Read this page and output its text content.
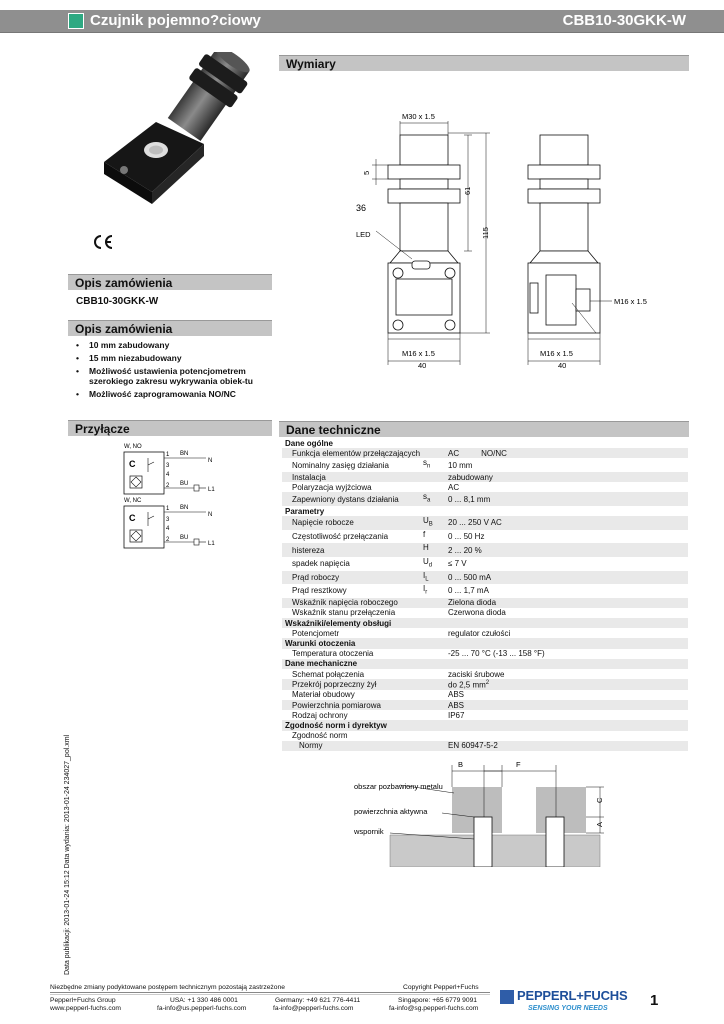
Czujnik pojemno?ciowy	CBB10-30GKK-W
Opis zamówienia
CBB10-30GKK-W
Opis zamówienia
• 10 mm zabudowany
• 15 mm niezabudowany
• Możliwość ustawienia potencjometrem szerokiego zakresu wykrywania obiek-tu
• Możliwość zaprogramowania NO/NC
Przyłącze
W, NO
C
1
3
4
2
BN
BU
N
L1
W, NC
C
1
3
4
2
BN
BU
N
L1
Wymiary
M30 x 1.5
5
61
115
36
LED
M16 x 1.5
40
M16 x 1.5
M16 x 1.5
40
Dane techniczne
Dane ogólne		
Funkcja elementów przełączających		AC NO/NC
Nominalny zasięg działania	$s_n$	10 mm
Instalacja		zabudowany
Polaryzacja wyjżciowa		AC
Zapewniony dystans działania	$s_a$	0 ... 8,1 mm
Parametry		
Napięcie robocze	$U_B$	20 ... 250 V AC
Częstotliwość przełączania	f	0 ... 50 Hz
histereza	H	2 ... 20 %
spadek napięcia	$U_d$	≤ 7 V
Prąd roboczy	$I_L$	0 ... 500 mA
Prąd resztkowy	$I_r$	0 ... 1,7 mA
Wskaźnik napięcia roboczego		Zielona dioda
Wskaźnik stanu przełączenia		Czerwona dioda
Wskaźniki/elementy obsługi		
Potencjometr		regulator czułości
Warunki otoczenia		
Temperatura otoczenia		-25 ... 70 °C (-13 ... 158 °F)
Dane mechaniczne		
Schemat połączenia		zaciski śrubowe
Przekrój poprzeczny żył		do 2,5 $mm^2$
Materiał obudowy		ABS
Powierzchnia pomiarowa		ABS
Rodzaj ochrony		IP67
Zgodność norm i dyrektyw		
Zgodność norm		
Normy		EN 60947-5-2
B	F
C
A
obszar pozbawiony metalu
powierzchnia aktywna
wspornik
Data publikacji: 2013-01-24 15:12 Data wydania: 2013-01-24 234027_pol.xml
Niezbędne zmiany podyktowane postępem technicznym pozostają zastrzeżone	Copyright Pepperl+Fuchs
Pepperl+Fuchs Group
www.pepperl-fuchs.com
USA: +1 330 486 0001
fa-info@us.pepperl-fuchs.com
Germany: +49 621 776-4411
fa-info@pepperl-fuchs.com
Singapore: +65 6779 9091
fa-info@sg.pepperl-fuchs.com
PEPPERL+FUCHS
SENSING YOUR NEEDS	1
